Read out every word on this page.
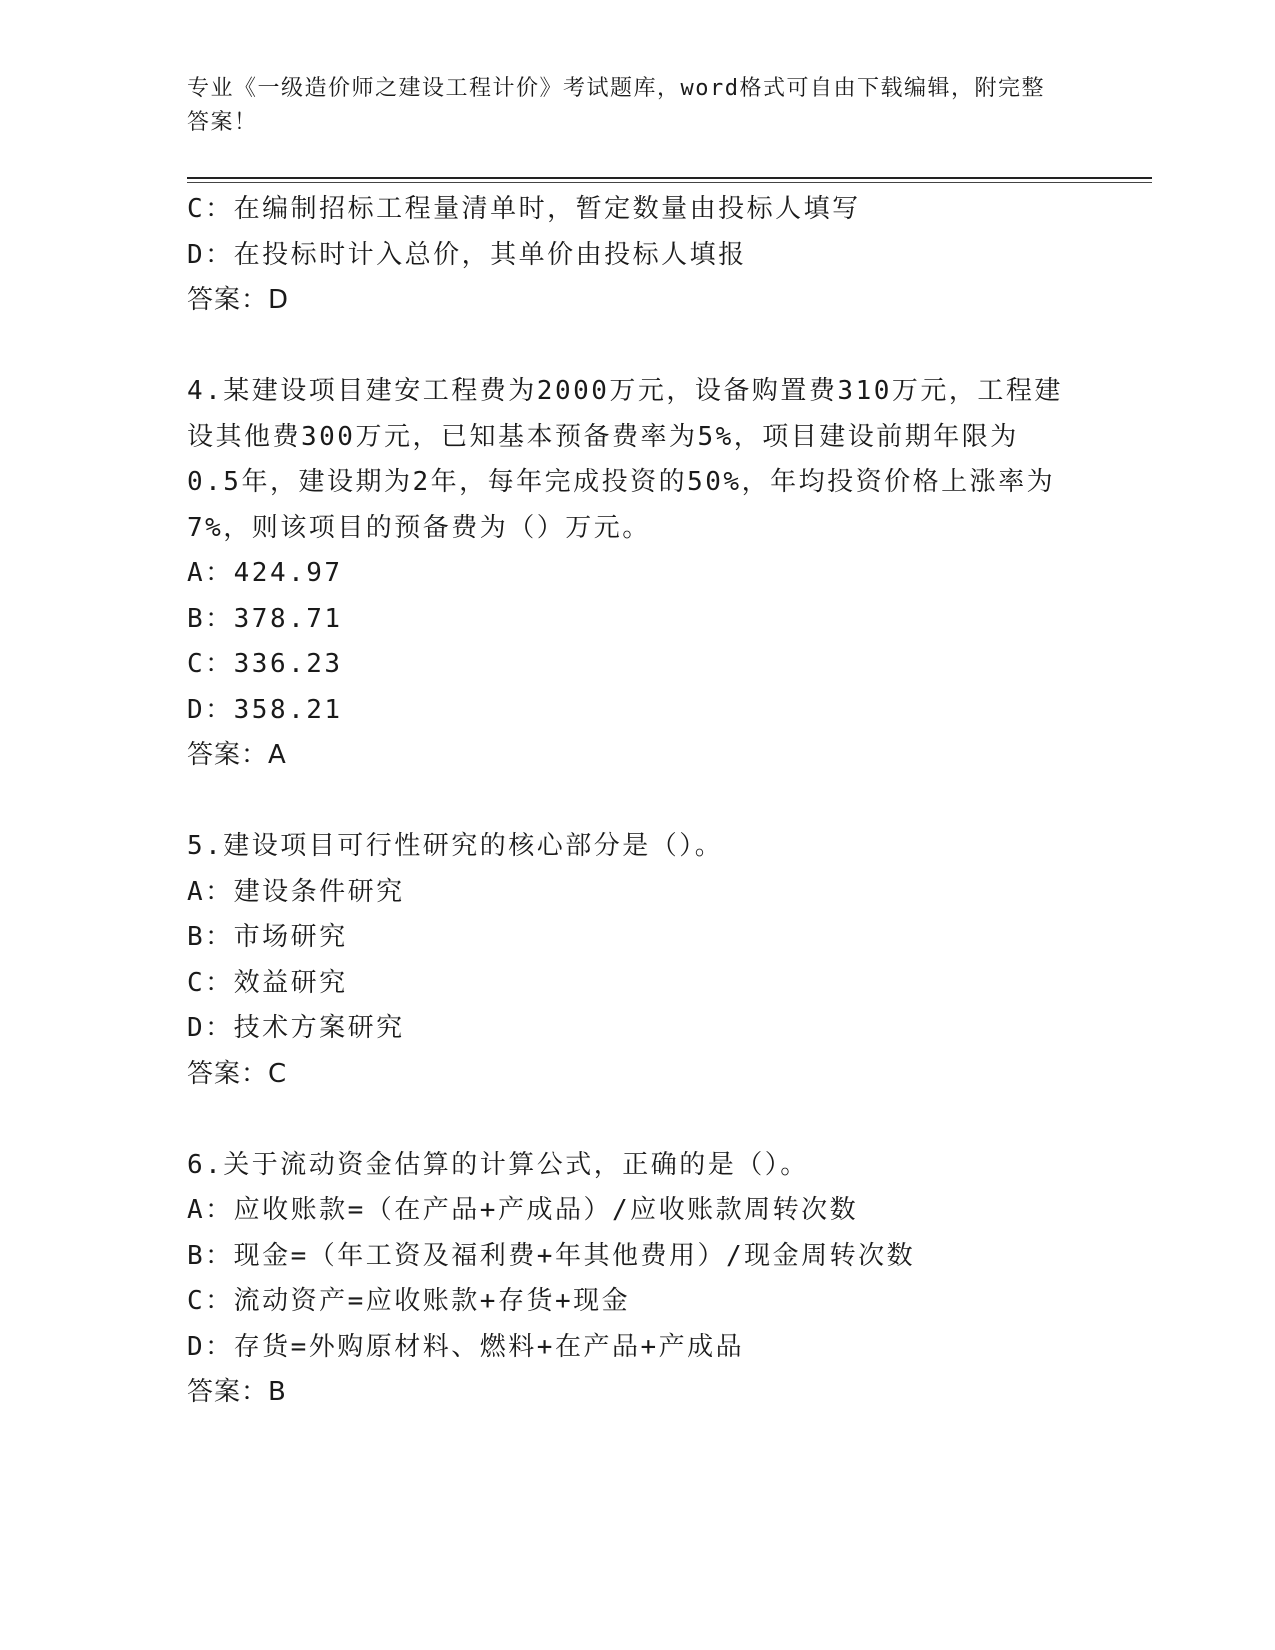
专业《一级造价师之建设工程计价》考试题库，word格式可自由下载编辑，附完整答案！
C：在编制招标工程量清单时，暂定数量由投标人填写
D：在投标时计入总价，其单价由投标人填报
答案：D
4.某建设项目建安工程费为2000万元，设备购置费310万元，工程建
设其他费300万元，已知基本预备费率为5%，项目建设前期年限为
0.5年，建设期为2年，每年完成投资的50%，年均投资价格上涨率为
7%，则该项目的预备费为（）万元。
A：424.97
B：378.71
C：336.23
D：358.21
答案：A
5.建设项目可行性研究的核心部分是（）。
A：建设条件研究
B：市场研究
C：效益研究
D：技术方案研究
答案：C
6.关于流动资金估算的计算公式，正确的是（）。
A：应收账款=（在产品+产成品）/应收账款周转次数
B：现金=（年工资及福利费+年其他费用）/现金周转次数
C：流动资产=应收账款+存货+现金
D：存货=外购原材料、燃料+在产品+产成品
答案：B
